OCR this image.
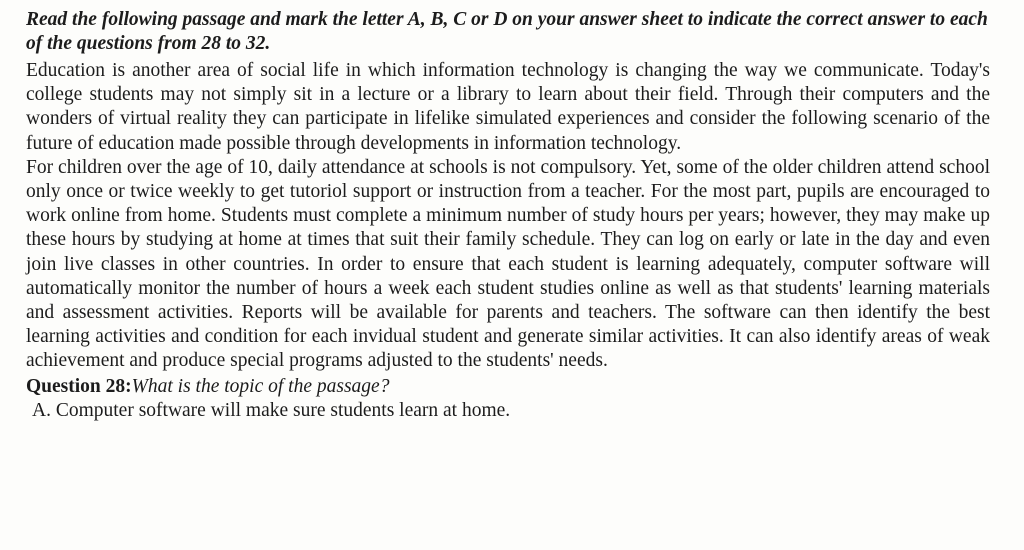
Read the following passage and mark the letter A, B, C or D on your answer sheet to indicate the correct answer to each of the questions from 28 to 32.

Education is another area of social life in which information technology is changing the way we communicate. Today's college students may not simply sit in a lecture or a library to learn about their field. Through their computers and the wonders of virtual reality they can participate in lifelike simulated experiences and consider the following scenario of the future of education made possible through developments in information technology.

For children over the age of 10, daily attendance at schools is not compulsory. Yet, some of the older children attend school only once or twice weekly to get tutoriol support or instruction from a teacher. For the most part, pupils are encouraged to work online from home. Students must complete a minimum number of study hours per years; however, they may make up these hours by studying at home at times that suit their family schedule. They can log on early or late in the day and even join live classes in other countries. In order to ensure that each student is learning adequately, computer software will automatically monitor the number of hours a week each student studies online as well as that students' learning materials and assessment activities. Reports will be available for parents and teachers. The software can then identify the best learning activities and condition for each invidual student and generate similar activities. It can also identify areas of weak achievement and produce special programs adjusted to the students' needs.

Question 28:What is the topic of the passage?
A. Computer software will make sure students learn at home.
